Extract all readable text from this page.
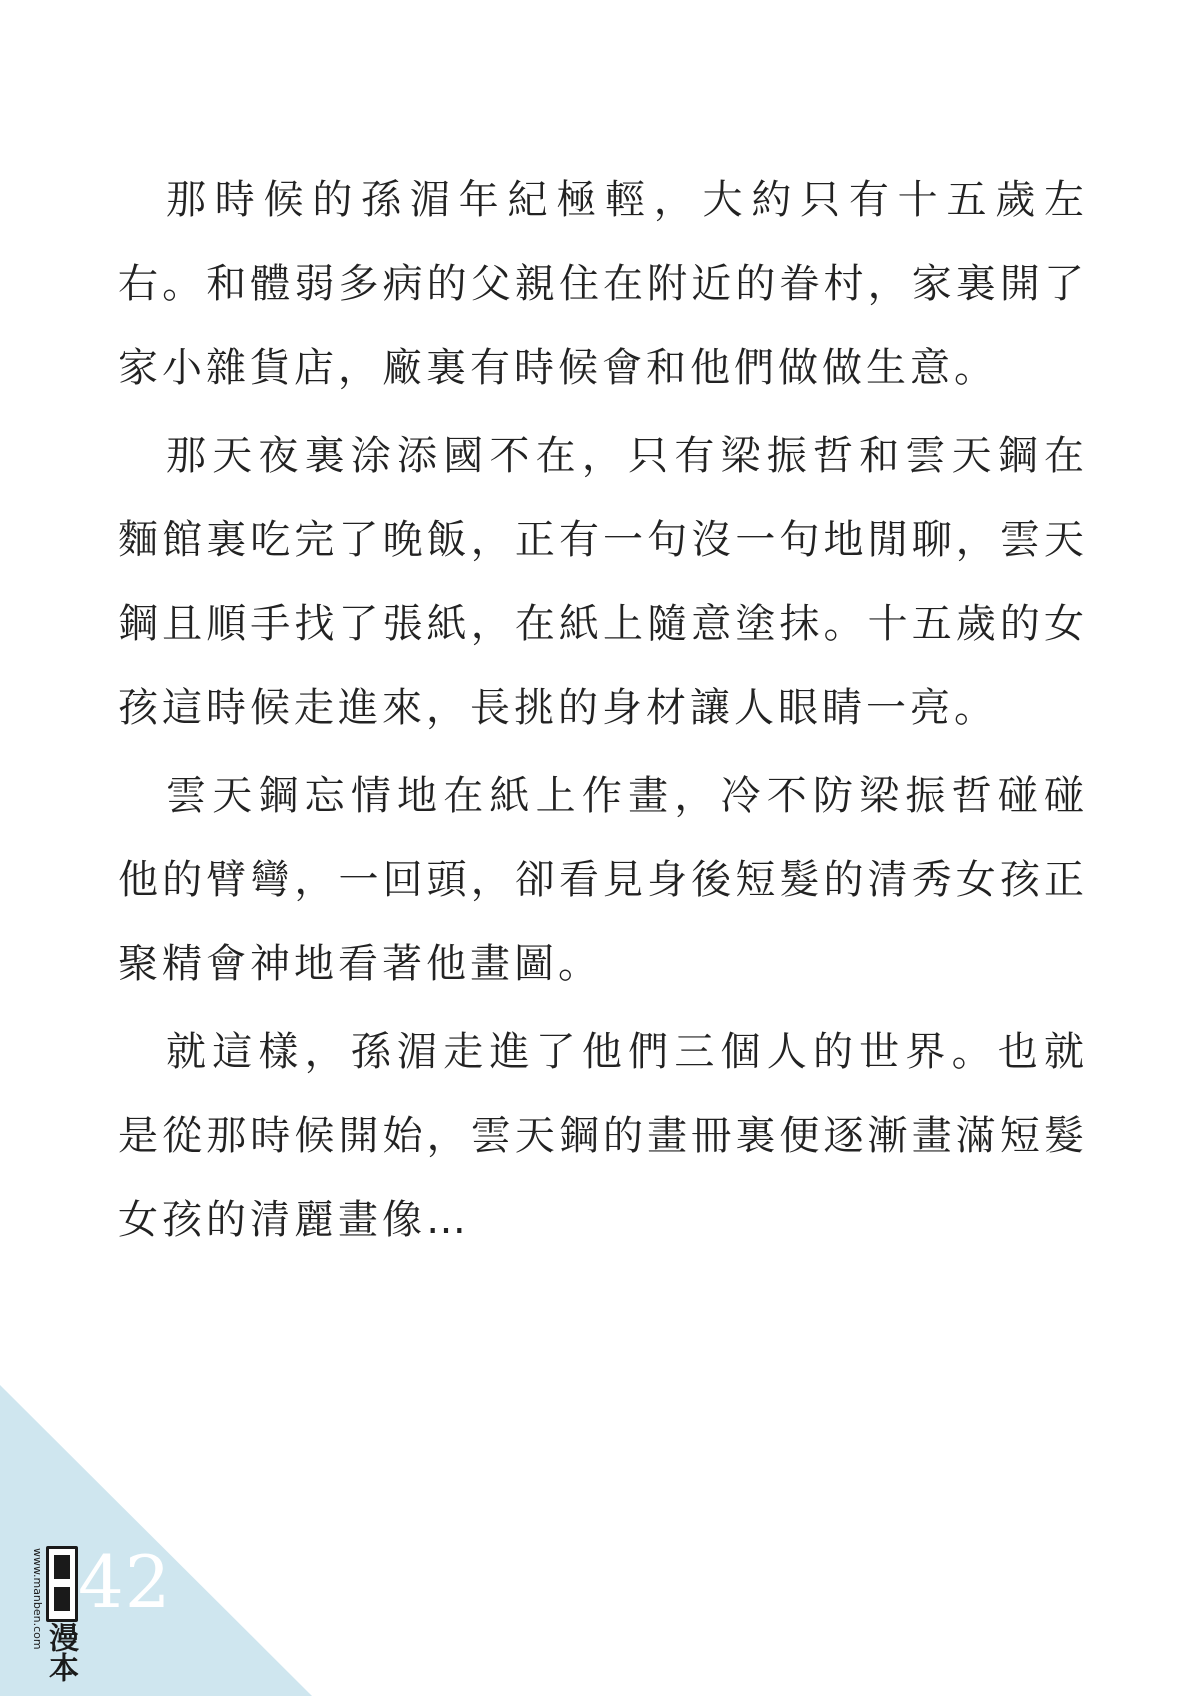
那時候的孫湄年紀極輕，大約只有十五歲左右。和體弱多病的父親住在附近的眷村，家裏開了家小雜貨店，廠裏有時候會和他們做做生意。

那天夜裏涂添國不在，只有梁振哲和雲天鋼在麵館裏吃完了晚飯，正有一句沒一句地閒聊，雲天鋼且順手找了張紙，在紙上隨意塗抹。十五歲的女孩這時候走進來，長挑的身材讓人眼睛一亮。

雲天鋼忘情地在紙上作畫，冷不防梁振哲碰碰他的臂彎，一回頭，卻看見身後短髮的清秀女孩正聚精會神地看著他畫圖。

就這樣，孫湄走進了他們三個人的世界。也就是從那時候開始，雲天鋼的畫冊裏便逐漸畫滿短髮女孩的清麗畫像…

www.manben.com
漫本
42
